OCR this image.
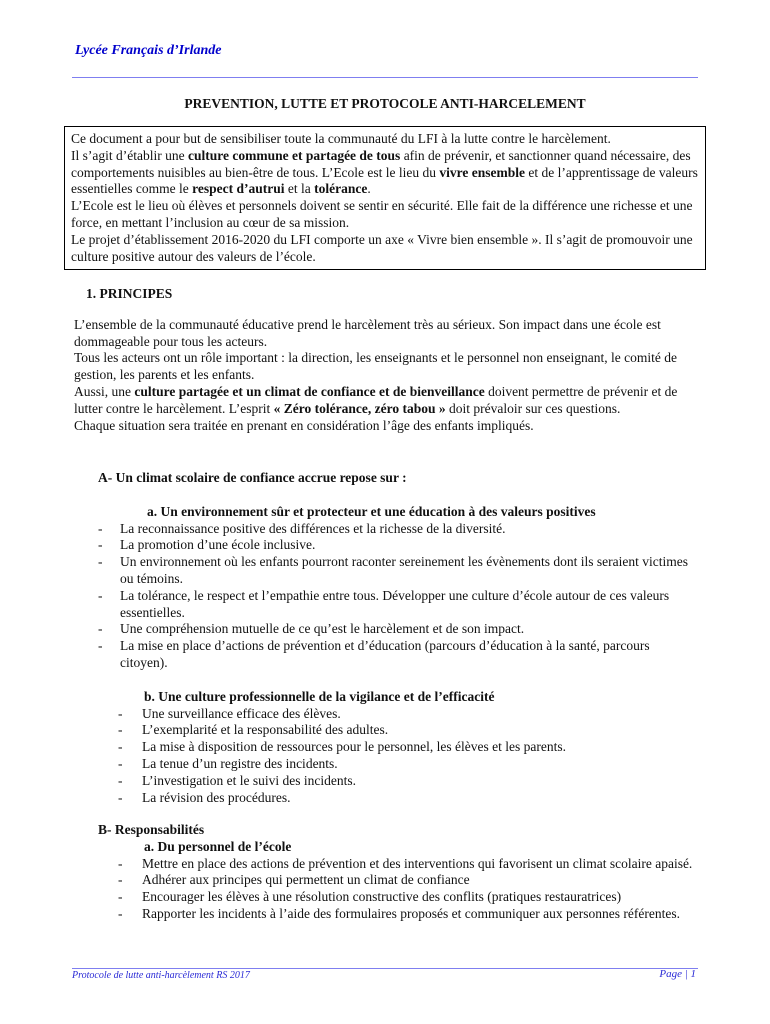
Lycée Français d’Irlande
PREVENTION, LUTTE ET PROTOCOLE ANTI-HARCELEMENT

Ce document a pour but de sensibiliser toute la communauté du LFI à la lutte contre le harcèlement.

Il s’agit d’établir une culture commune et partagée de tous afin de prévenir, et sanctionner quand nécessaire, des comportements nuisibles au bien-être de tous. L’Ecole est le lieu du vivre ensemble et de l’apprentissage de valeurs essentielles comme le respect d’autrui et la tolérance.

L’Ecole est le lieu où élèves et personnels doivent se sentir en sécurité. Elle fait de la différence une richesse et une force, en mettant l’inclusion au cœur de sa mission.

Le projet d’établissement 2016-2020 du LFI comporte un axe « Vivre bien ensemble ». Il s’agit de promouvoir une culture positive autour des valeurs de l’école.

1. PRINCIPES

L’ensemble de la communauté éducative prend le harcèlement très au sérieux. Son impact dans une école est dommageable pour tous les acteurs.

Tous les acteurs ont un rôle important : la direction, les enseignants et le personnel non enseignant, le comité de gestion, les parents et les enfants.

Aussi, une culture partagée et un climat de confiance et de bienveillance doivent permettre de prévenir et de lutter contre le harcèlement. L’esprit « Zéro tolérance, zéro tabou » doit prévaloir sur ces questions.

Chaque situation sera traitée en prenant en considération l’âge des enfants impliqués.

A- Un climat scolaire de confiance accrue repose sur :

a. Un environnement sûr et protecteur et une éducation à des valeurs positives

- La reconnaissance positive des différences et la richesse de la diversité.
- La promotion d’une école inclusive.
- Un environnement où les enfants pourront raconter sereinement les évènements dont ils seraient victimes ou témoins.
- La tolérance, le respect et l’empathie entre tous. Développer une culture d’école autour de ces valeurs essentielles.
- Une compréhension mutuelle de ce qu’est le harcèlement et de son impact.
- La mise en place d’actions de prévention et d’éducation (parcours d’éducation à la santé, parcours citoyen).

b. Une culture professionnelle de la vigilance et de l’efficacité

- Une surveillance efficace des élèves.
- L’exemplarité et la responsabilité des adultes.
- La mise à disposition de ressources pour le personnel, les élèves et les parents.
- La tenue d’un registre des incidents.
- L’investigation et le suivi des incidents.
- La révision des procédures.

B- Responsabilités

a. Du personnel de l’école

- Mettre en place des actions de prévention et des interventions qui favorisent un climat scolaire apaisé.
- Adhérer aux principes qui permettent un climat de confiance
- Encourager les élèves à une résolution constructive des conflits (pratiques restauratrices)
- Rapporter les incidents à l’aide des formulaires proposés et communiquer aux personnes référentes.
Protocole de lutte anti-harcèlement RS 2017	Page | 1
